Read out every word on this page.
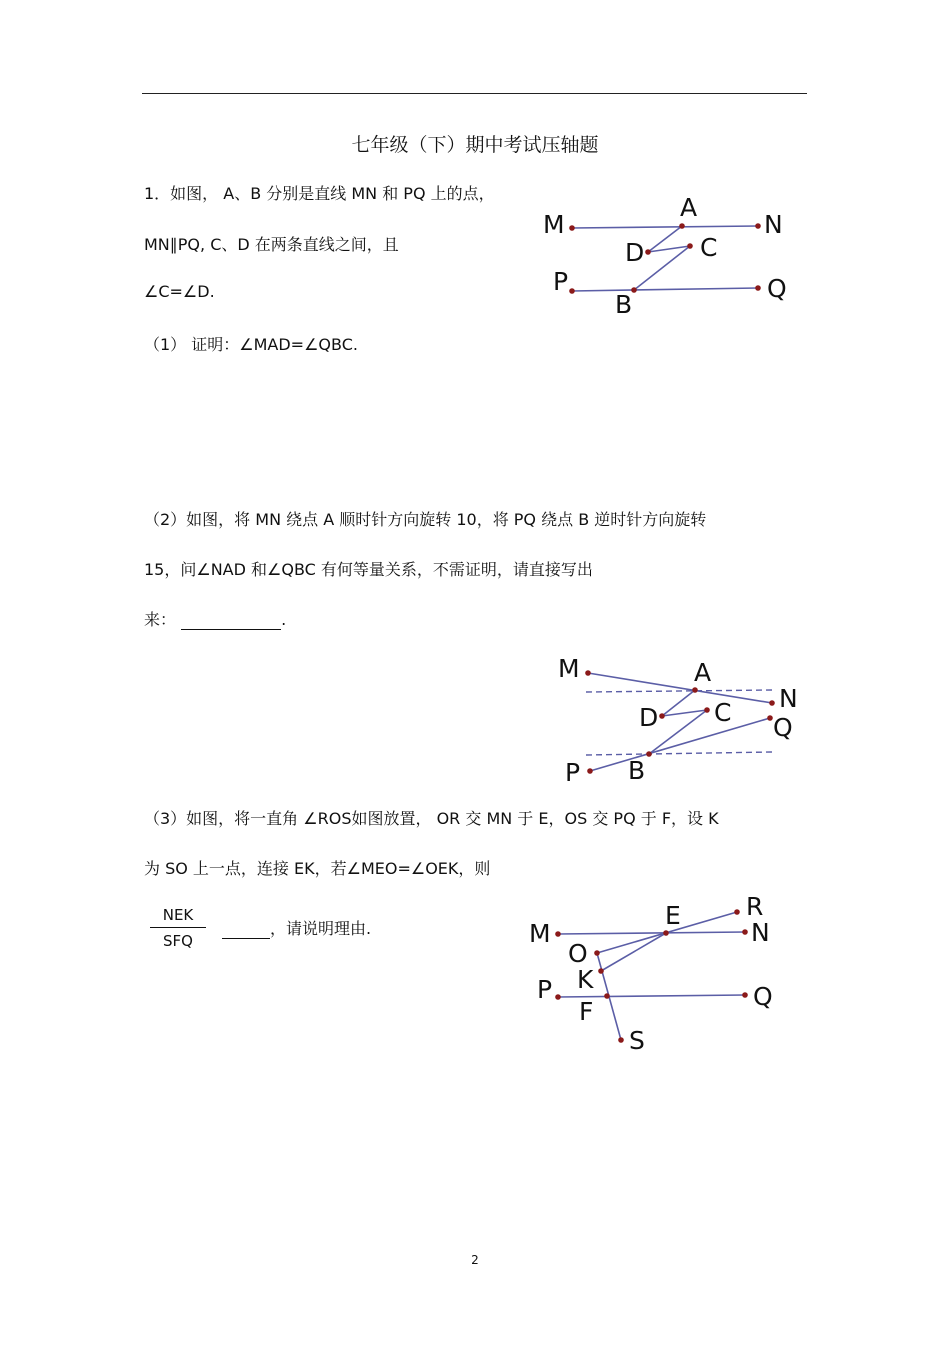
七年级（下）期中考试压轴题
1．如图， A、B 分别是直线 MN 和 PQ 上的点，
MN∥PQ, C、D 在两条直线之间，且
∠C=∠D.
（1） 证明：∠MAD=∠QBC.
（2）如图，将 MN 绕点 A 顺时针方向旋转 10，将 PQ 绕点 B 逆时针方向旋转
15，问∠NAD 和∠QBC 有何等量关系，不需证明，请直接写出
来：	.
（3）如图，将一直角 ∠ROS如图放置， OR 交 MN 于 E，OS 交 PQ 于 F，设 K
为 SO 上一点，连接 EK，若∠MEO=∠OEK，则
NEK
SFQ
，请说明理由.
M
A
N
D C
P	Q
B
M	A
N
D C
Q
P B
R
M
E
N
O
K
P	Q
F
S
2
